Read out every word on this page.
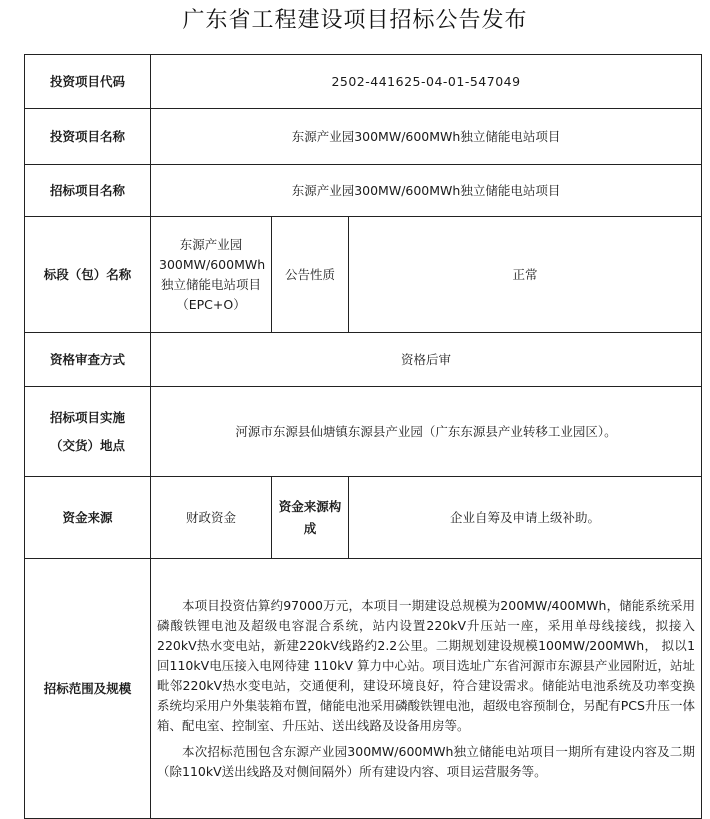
广东省工程建设项目招标公告发布
投资项目代码	2502-441625-04-01-547049		
投资项目名称	东源产业园300MW/600MWh独立储能电站项目		
招标项目名称	东源产业园300MW/600MWh独立储能电站项目		
标段（包）名称	东源产业园300MW/600MWh独立储能电站项目（EPC+O）	公告性质	正常
资格审查方式	资格后审		

招标项目实施
（交货）地点	河源市东源县仙塘镇东源县产业园（广东东源县产业转移工业园区）。		
资金来源	财政资金	资金来源构成	企业自筹及申请上级补助。
招标范围及规模	本项目投资估算约97000万元，本项目一期建设总规模为200MW/400MWh，储能系统采用磷酸铁锂电池及超级电容混合系统，站内设置220kV升压站一座，采用单母线接线，拟接入220kV热水变电站，新建220kV线路约2.2公里。二期规划建设规模100MW/200MWh， 拟以1回110kV电压接入电网待建 110kV 算力中心站。项目选址广东省河源市东源县产业园附近，站址毗邻220kV热水变电站，交通便利，建设环境良好，符合建设需求。储能站电池系统及功率变换系统均采用户外集装箱布置，储能电池采用磷酸铁锂电池，超级电容预制仓，另配有PCS升压一体箱、配电室、控制室、升压站、送出线路及设备用房等。

本次招标范围包含东源产业园300MW/600MWh独立储能电站项目一期所有建设内容及二期（除110kV送出线路及对侧间隔外）所有建设内容、项目运营服务等。		
